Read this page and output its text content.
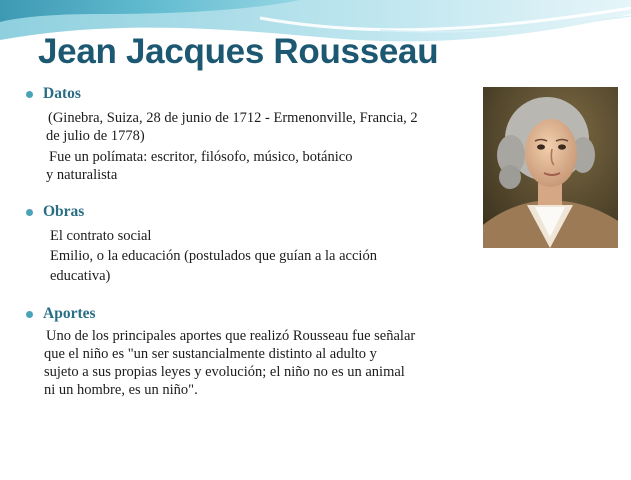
Jean Jacques Rousseau
Datos
(Ginebra, Suiza, 28 de junio de 1712 - Ermenonville, Francia, 2
de julio de 1778)
Fue un polímata: escritor, filósofo, músico, botánico
y naturalista
Obras
El contrato social
Emilio, o la educación (postulados que guían a la acción
educativa)
Aportes
Uno de los principales aportes que realizó Rousseau fue señalar
que el niño es "un ser sustancialmente distinto al adulto y
sujeto a sus propias leyes y evolución; el niño no es un animal
ni un hombre, es un niño".
